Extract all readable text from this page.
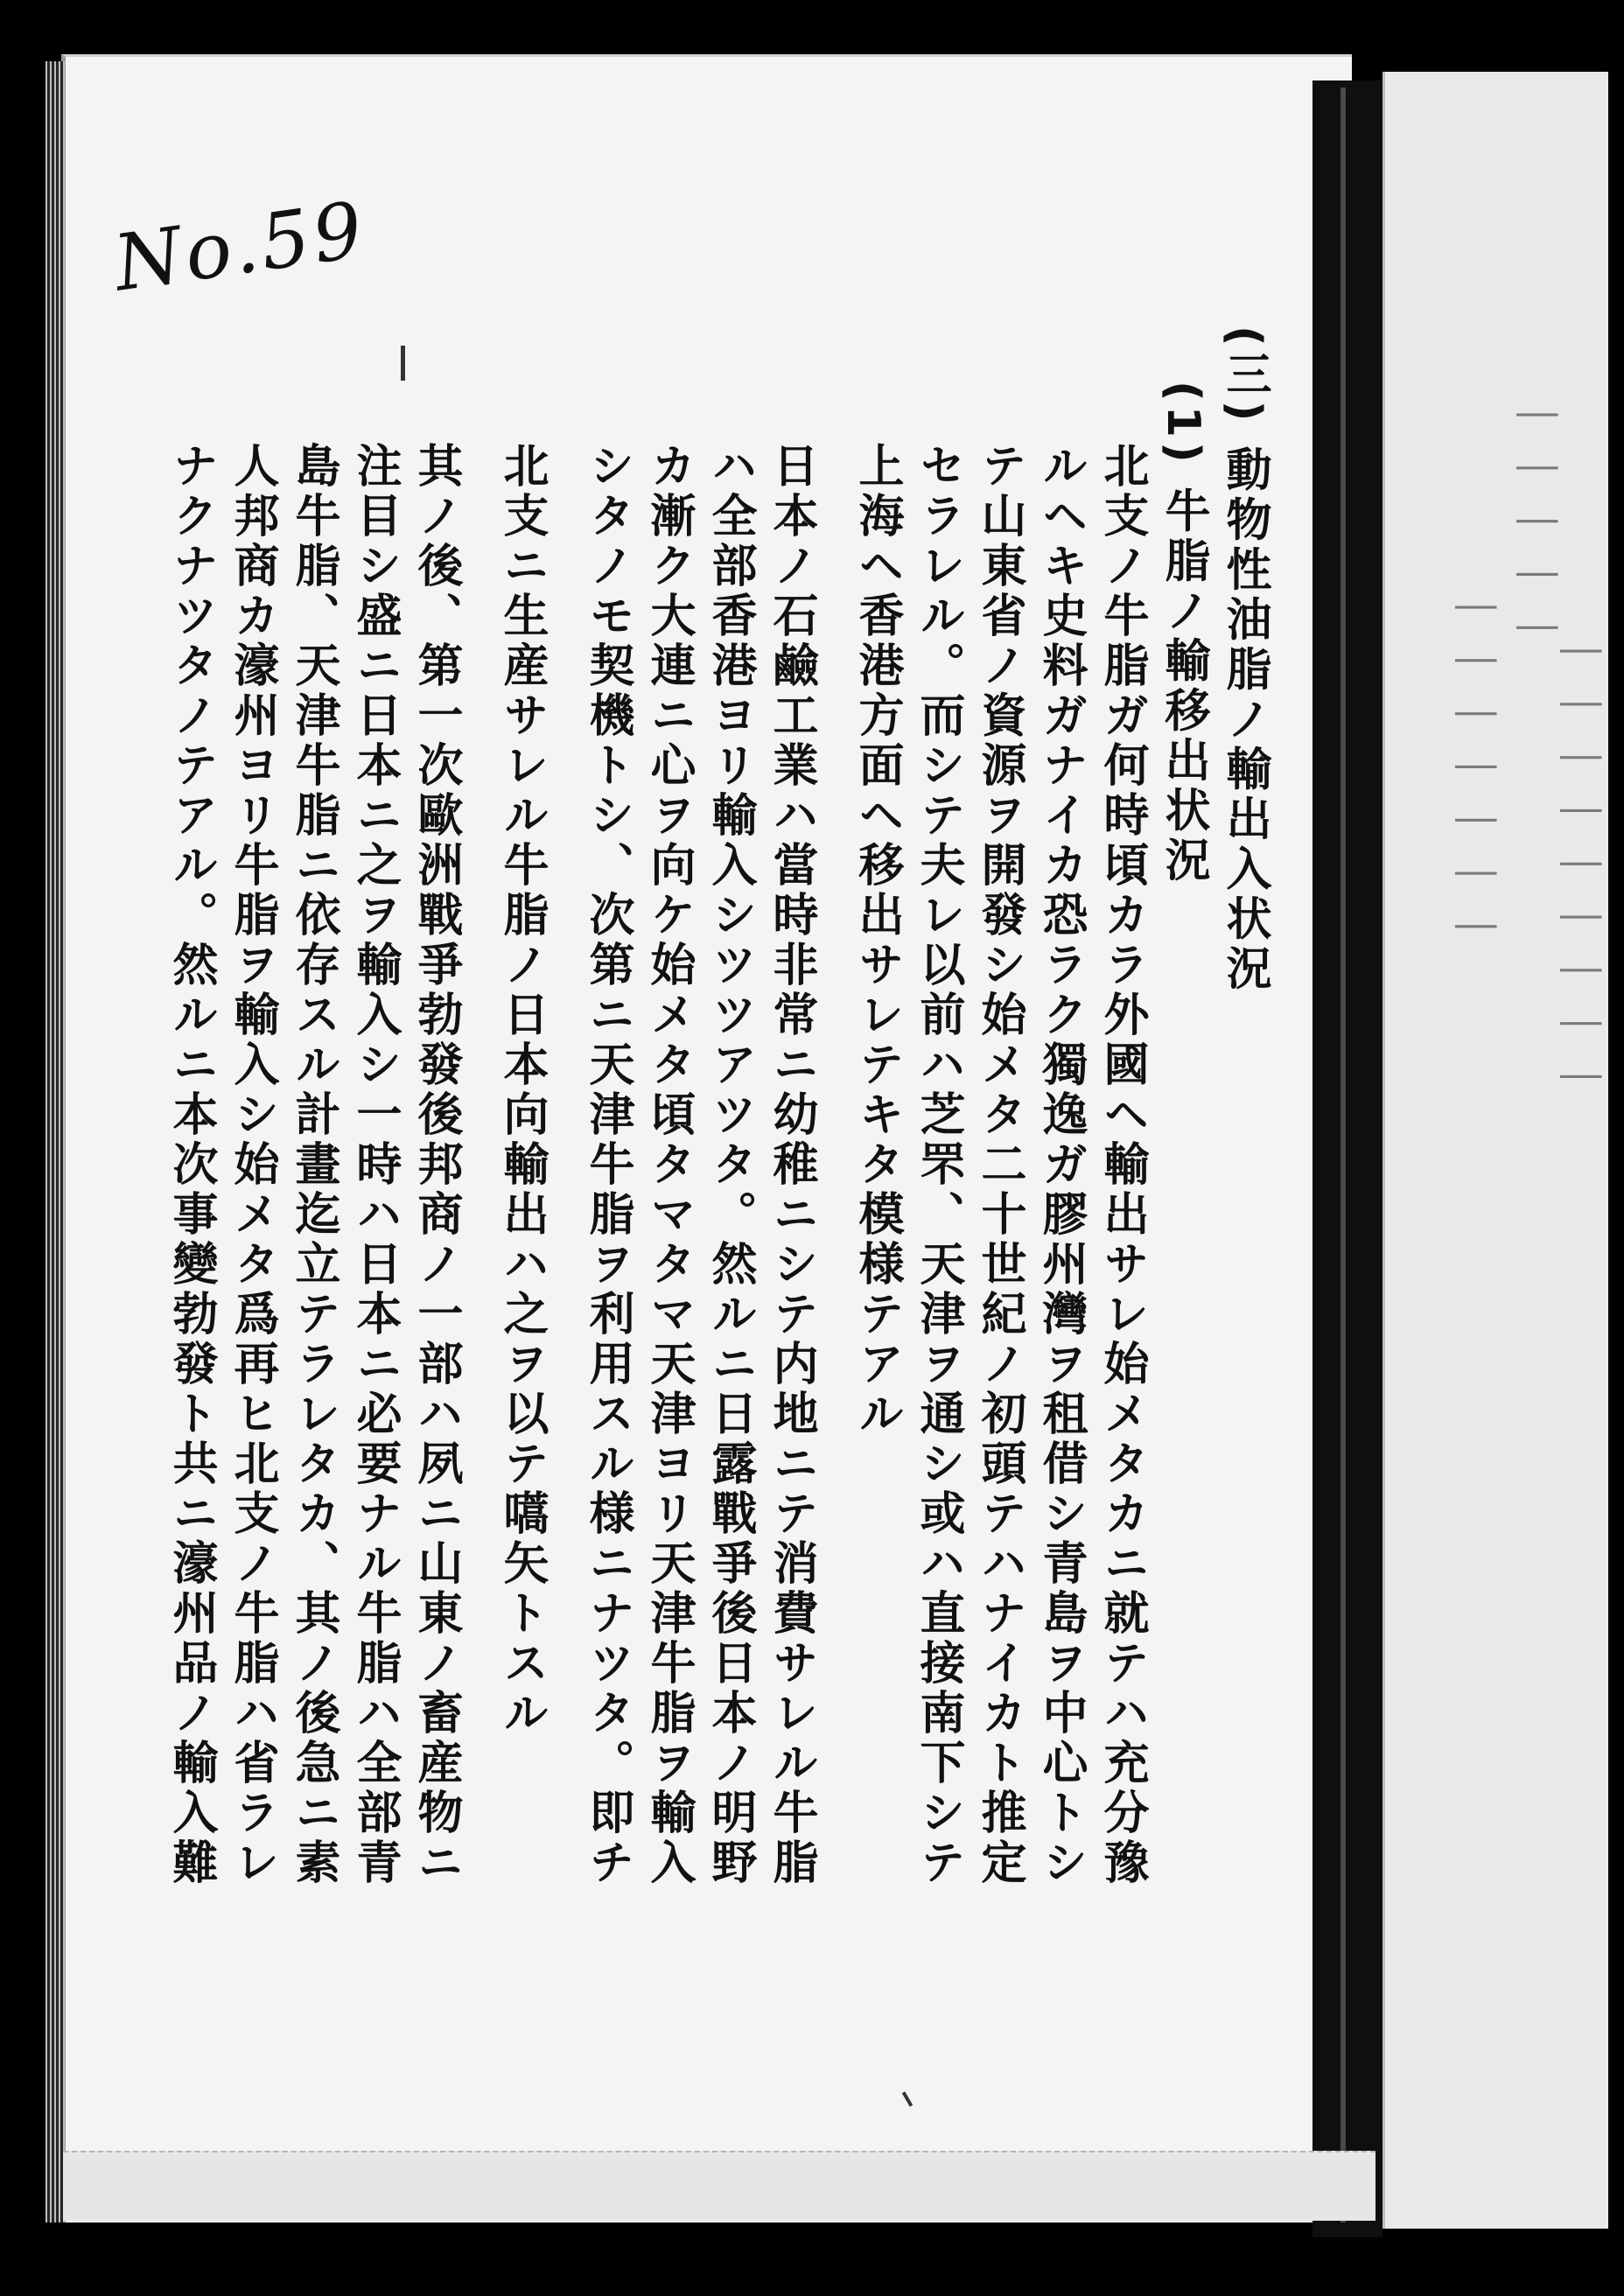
│ │ │ │ │
│ │ │ │ │ │ │ │ │ │ │ │ │ │ │ │
No.59
(三) 動物性油脂ノ輸出入状況
(1) 牛脂ノ輸移出状況
北支ノ牛脂ガ何時頃カラ外國ヘ輸出サレ始メタカニ就テハ充分豫
ルヘキ史料ガナイカ恐ラク獨逸ガ膠州灣ヲ租借シ青島ヲ中心トシ
テ山東省ノ資源ヲ開發シ始メタ二十世紀ノ初頭テハナイカト推定
セラレル。而シテ夫レ以前ハ芝罘、天津ヲ通シ或ハ直接南下シテ
上海ヘ香港方面ヘ移出サレテキタ模様テアル
日本ノ石鹼工業ハ當時非常ニ幼稚ニシテ内地ニテ消費サレル牛脂
ハ全部香港ヨリ輸入シツツアツタ。然ルニ日露戰爭後日本ノ明野
カ漸ク大連ニ心ヲ向ケ始メタ頃タマタマ天津ヨリ天津牛脂ヲ輸入
シタノモ契機トシ、次第ニ天津牛脂ヲ利用スル様ニナツタ。即チ
北支ニ生産サレル牛脂ノ日本向輸出ハ之ヲ以テ嚆矢トスル
其ノ後、第一次歐洲戰爭勃發後邦商ノ一部ハ夙ニ山東ノ畜産物ニ
注目シ盛ニ日本ニ之ヲ輸入シ一時ハ日本ニ必要ナル牛脂ハ全部青
島牛脂、天津牛脂ニ依存スル計畫迄立テラレタカ、其ノ後急ニ素
人邦商カ濠州ヨリ牛脂ヲ輸入シ始メタ爲再ヒ北支ノ牛脂ハ省ラレ
ナクナツタノテアル。然ルニ本次事變勃發ト共ニ濠州品ノ輸入難
